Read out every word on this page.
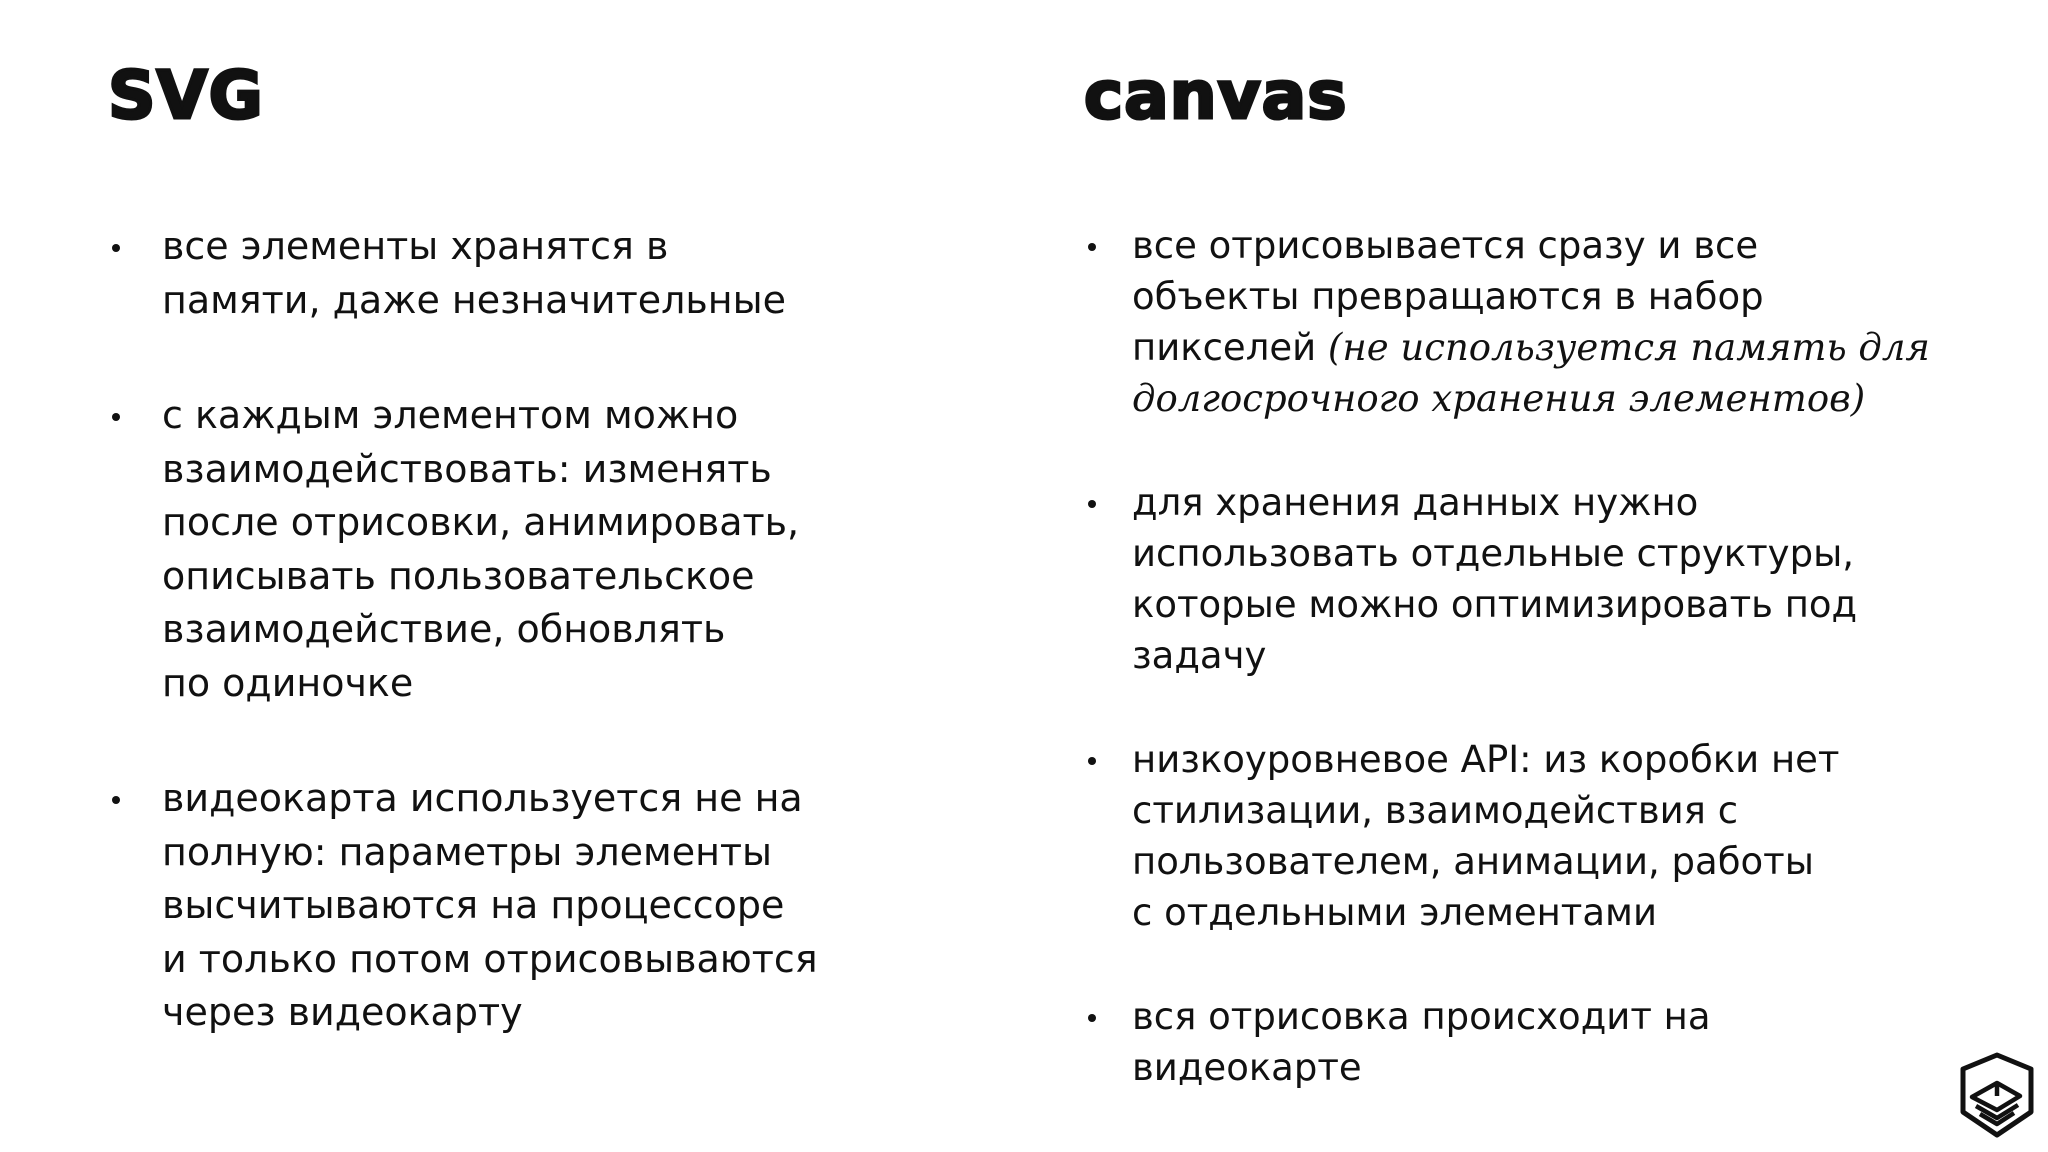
SVG
все элементы хранятся в
памяти, даже незначительные
с каждым элементом можно
взаимодействовать: изменять
после отрисовки, анимировать,
описывать пользовательское
взаимодействие, обновлять
по одиночке
видеокарта используется не на
полную: параметры элементы
высчитываются на процессоре
и только потом отрисовываются
через видеокарту
canvas
все отрисовывается сразу и все
объекты превращаются в набор
пикселей (не используется память для
долгосрочного хранения элементов)
для хранения данных нужно
использовать отдельные структуры,
которые можно оптимизировать под
задачу
низкоуровневое API: из коробки нет
стилизации, взаимодействия с
пользователем, анимации, работы
с отдельными элементами
вся отрисовка происходит на
видеокарте
